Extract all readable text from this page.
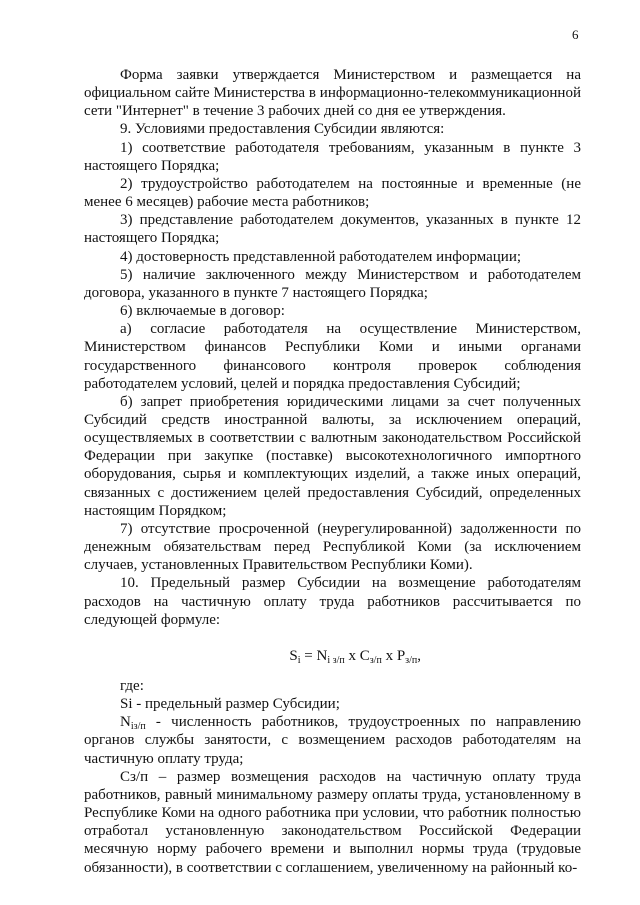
6

Форма заявки утверждается Министерством и размещается на официальном сайте Министерства в информационно-телекоммуникационной сети "Интернет" в течение 3 рабочих дней со дня ее утверждения.

9. Условиями предоставления Субсидии являются:

1) соответствие работодателя требованиям, указанным в пункте 3 настоящего Порядка;

2) трудоустройство работодателем на постоянные и временные (не менее 6 месяцев) рабочие места работников;

3) представление работодателем документов, указанных в пункте 12 настоящего Порядка;

4) достоверность представленной работодателем информации;

5) наличие заключенного между Министерством и работодателем договора, указанного в пункте 7 настоящего Порядка;

6) включаемые в договор:

а) согласие работодателя на осуществление Министерством, Министерством финансов Республики Коми и иными органами государственного финансового контроля проверок соблюдения работодателем условий, целей и порядка предоставления Субсидий;

б) запрет приобретения юридическими лицами за счет полученных Субсидий средств иностранной валюты, за исключением операций, осуществляемых в соответствии с валютным законодательством Российской Федерации при закупке (поставке) высокотехнологичного импортного оборудования, сырья и комплектующих изделий, а также иных операций, связанных с достижением целей предоставления Субсидий, определенных настоящим Порядком;

7) отсутствие просроченной (неурегулированной) задолженности по денежным обязательствам перед Республикой Коми (за исключением случаев, установленных Правительством Республики Коми).

10. Предельный размер Субсидии на возмещение работодателям расходов на частичную оплату труда работников рассчитывается по следующей формуле:

$S_i = N_{i з/п}$ x $C_{з/п}$ x $P_{з/п}$,

где:

Si - предельный размер Субсидии;

$N_{iз/п}$ - численность работников, трудоустроенных по направлению органов службы занятости, с возмещением расходов работодателям на частичную оплату труда;

Сз/п – размер возмещения расходов на частичную оплату труда работников, равный минимальному размеру оплаты труда, установленному в Республике Коми на одного работника при условии, что работник полностью отработал установленную законодательством Российской Федерации месячную норму рабочего времени и выполнил нормы труда (трудовые обязанности), в соответствии с соглашением, увеличенному на районный ко-
